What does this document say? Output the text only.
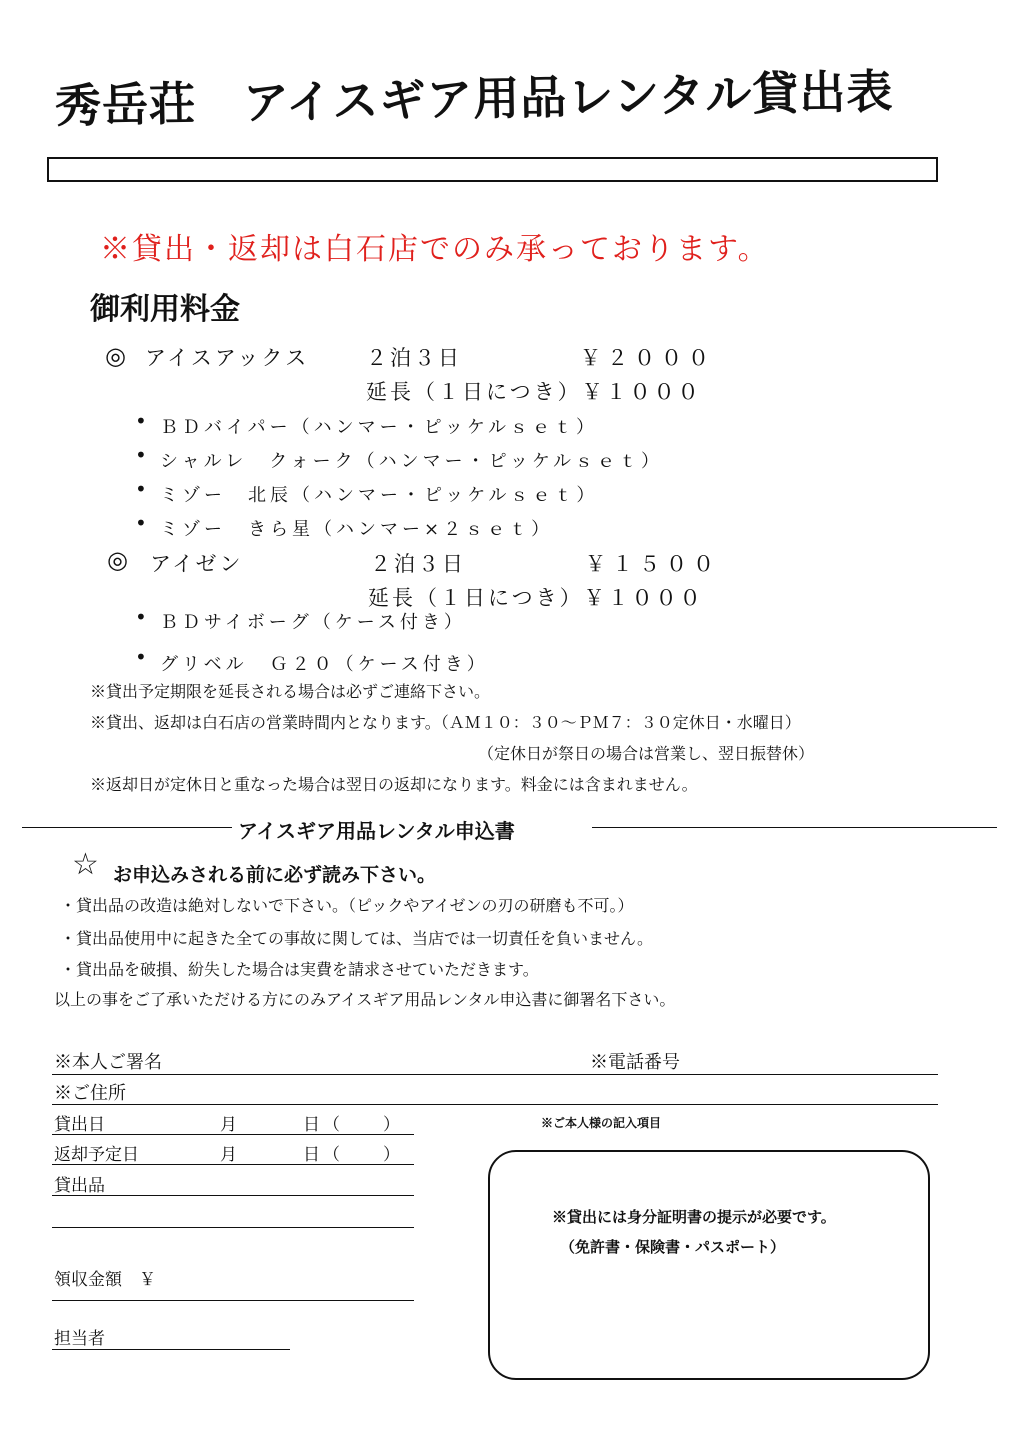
秀岳荘　アイスギア用品レンタル貸出表
※貸出・返却は白石店でのみ承っております。
御利用料金
◎ アイスアックス	２泊３日	￥２０００
延長（１日につき）￥１０００
• ＢＤバイパー（ハンマー・ピッケルｓｅｔ）
• シャルレ　クォーク（ハンマー・ピッケルｓｅｔ）
• ミゾー　北辰（ハンマー・ピッケルｓｅｔ）
• ミゾー　きら星（ハンマー×２ｓｅｔ）
◎ アイゼン	２泊３日	￥１５００
延長（１日につき）￥１０００
• ＢＤサイボーグ（ケース付き）
• グリベル　Ｇ２０（ケース付き）
※貸出予定期限を延長される場合は必ずご連絡下さい。
※貸出、返却は白石店の営業時間内となります。（ＡＭ１０：３０～ＰＭ７：３０定休日・水曜日）
（定休日が祭日の場合は営業し、翌日振替休）
※返却日が定休日と重なった場合は翌日の返却になります。料金には含まれません。
アイスギア用品レンタル申込書
☆ お申込みされる前に必ず読み下さい。
・貸出品の改造は絶対しないで下さい。（ピックやアイゼンの刃の研磨も不可。）
・貸出品使用中に起きた全ての事故に関しては、当店では一切責任を負いません。
・貸出品を破損、紛失した場合は実費を請求させていただきます。
以上の事をご了承いただける方にのみアイスギア用品レンタル申込書に御署名下さい。
※本人ご署名	※電話番号
※ご住所
貸出日	月	日（　　）	※ご本人様の記入項目
返却予定日	月	日（　　）
貸出品
領収金額　￥
担当者
※貸出には身分証明書の提示が必要です。
（免許書・保険書・パスポート）
